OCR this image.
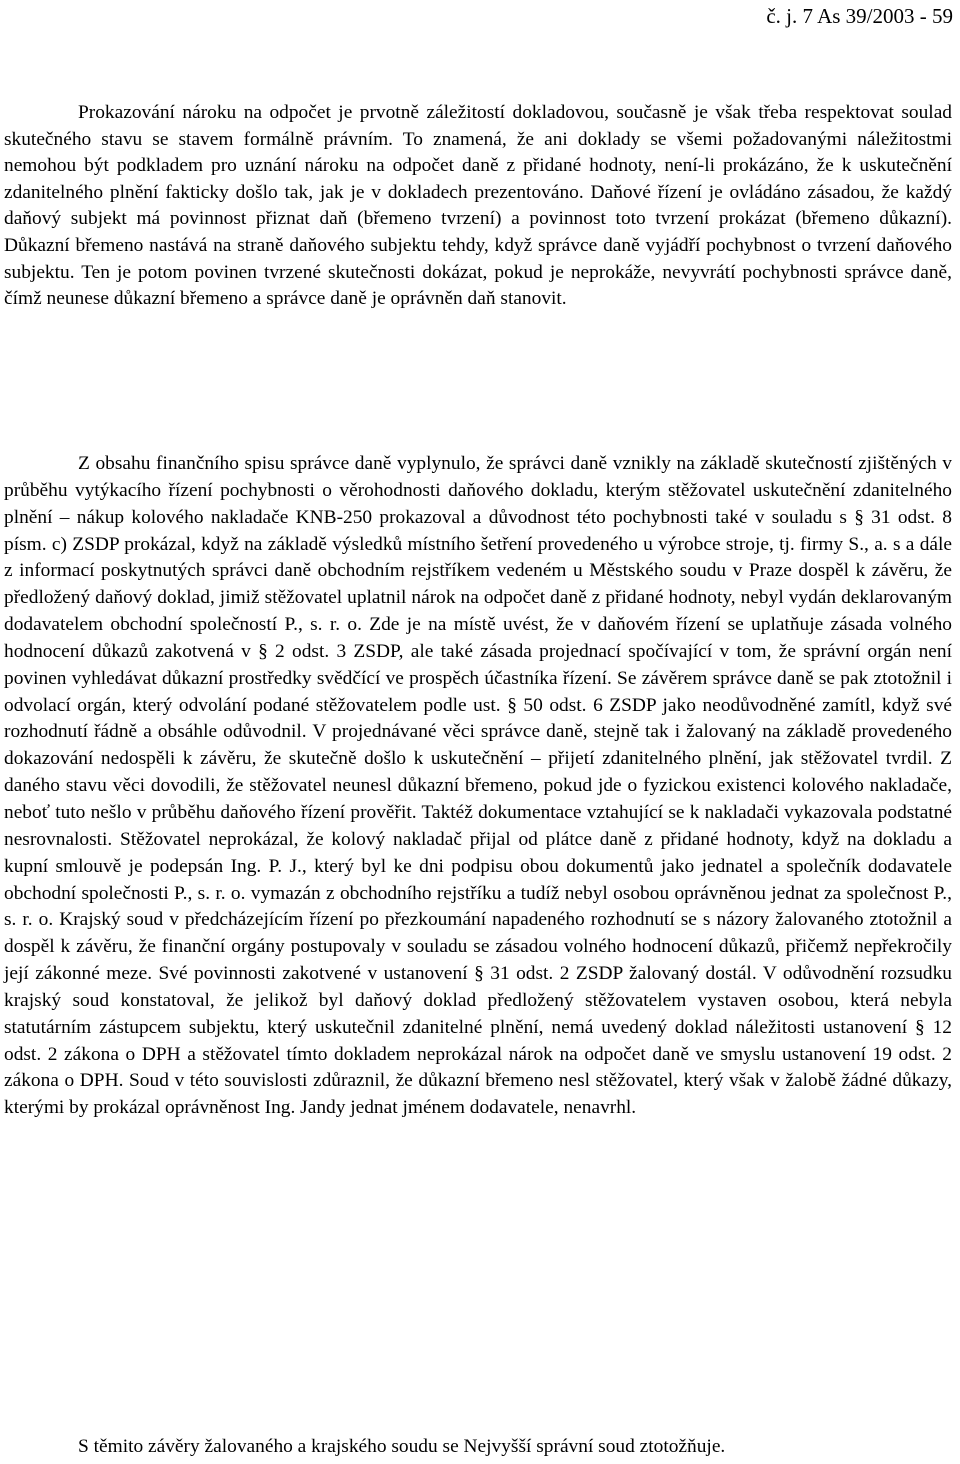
č. j. 7 As 39/2003 - 59

Prokazování nároku na odpočet je prvotně záležitostí dokladovou, současně je však třeba respektovat soulad skutečného stavu se stavem formálně právním. To znamená, že ani doklady se všemi požadovanými náležitostmi nemohou být podkladem pro uznání nároku na odpočet daně z přidané hodnoty, není-li prokázáno, že k uskutečnění zdanitelného plnění fakticky došlo tak, jak je v dokladech prezentováno. Daňové řízení je ovládáno zásadou, že každý daňový subjekt má povinnost přiznat daň (břemeno tvrzení) a povinnost toto tvrzení prokázat (břemeno důkazní). Důkazní břemeno nastává na straně daňového subjektu tehdy, když správce daně vyjádří pochybnost o tvrzení daňového subjektu. Ten je potom povinen tvrzené skutečnosti dokázat, pokud je neprokáže, nevyvrátí pochybnosti správce daně, čímž neunese důkazní břemeno a správce daně je oprávněn daň stanovit.

Z obsahu finančního spisu správce daně vyplynulo, že správci daně vznikly na základě skutečností zjištěných v průběhu vytýkacího řízení pochybnosti o věrohodnosti daňového dokladu, kterým stěžovatel uskutečnění zdanitelného plnění – nákup kolového nakladače KNB-250 prokazoval a důvodnost této pochybnosti také v souladu s § 31 odst. 8 písm. c) ZSDP prokázal, když na základě výsledků místního šetření provedeného u výrobce stroje, tj. firmy S., a. s a dále z informací poskytnutých správci daně obchodním rejstříkem vedeném u Městského soudu v Praze dospěl k závěru, že předložený daňový doklad, jimiž stěžovatel uplatnil nárok na odpočet daně z přidané hodnoty, nebyl vydán deklarovaným dodavatelem obchodní společností P., s. r. o. Zde je na místě uvést, že v daňovém řízení se uplatňuje zásada volného hodnocení důkazů zakotvená v § 2 odst. 3 ZSDP, ale také zásada projednací spočívající v tom, že správní orgán není povinen vyhledávat důkazní prostředky svědčící ve prospěch účastníka řízení. Se závěrem správce daně se pak ztotožnil i odvolací orgán, který odvolání podané stěžovatelem podle ust. § 50 odst. 6 ZSDP jako neodůvodněné zamítl, když své rozhodnutí řádně a obsáhle odůvodnil. V projednávané věci správce daně, stejně tak i žalovaný na základě provedeného dokazování nedospěli k závěru, že skutečně došlo k uskutečnění – přijetí zdanitelného plnění, jak stěžovatel tvrdil. Z daného stavu věci dovodili, že stěžovatel neunesl důkazní břemeno, pokud jde o fyzickou existenci kolového nakladače, neboť tuto nešlo v průběhu daňového řízení prověřit. Taktéž dokumentace vztahující se k nakladači vykazovala podstatné nesrovnalosti. Stěžovatel neprokázal, že kolový nakladač přijal od plátce daně z přidané hodnoty, když na dokladu a kupní smlouvě je podepsán Ing. P. J., který byl ke dni podpisu obou dokumentů jako jednatel a společník dodavatele obchodní společnosti P., s. r. o. vymazán z obchodního rejstříku a tudíž nebyl osobou oprávněnou jednat za společnost P., s. r. o. Krajský soud v předcházejícím řízení po přezkoumání napadeného rozhodnutí se s názory žalovaného ztotožnil a dospěl k závěru, že finanční orgány postupovaly v souladu se zásadou volného hodnocení důkazů, přičemž nepřekročily její zákonné meze. Své povinnosti zakotvené v ustanovení § 31 odst. 2 ZSDP žalovaný dostál. V odůvodnění rozsudku krajský soud konstatoval, že jelikož byl daňový doklad předložený stěžovatelem vystaven osobou, která nebyla statutárním zástupcem subjektu, který uskutečnil zdanitelné plnění, nemá uvedený doklad náležitosti ustanovení § 12 odst. 2 zákona o DPH a stěžovatel tímto dokladem neprokázal nárok na odpočet daně ve smyslu ustanovení 19 odst. 2 zákona o DPH. Soud v této souvislosti zdůraznil, že důkazní břemeno nesl stěžovatel, který však v žalobě žádné důkazy, kterými by prokázal oprávněnost Ing. Jandy jednat jménem dodavatele, nenavrhl.

S těmito závěry žalovaného a krajského soudu se Nejvyšší správní soud ztotožňuje.
